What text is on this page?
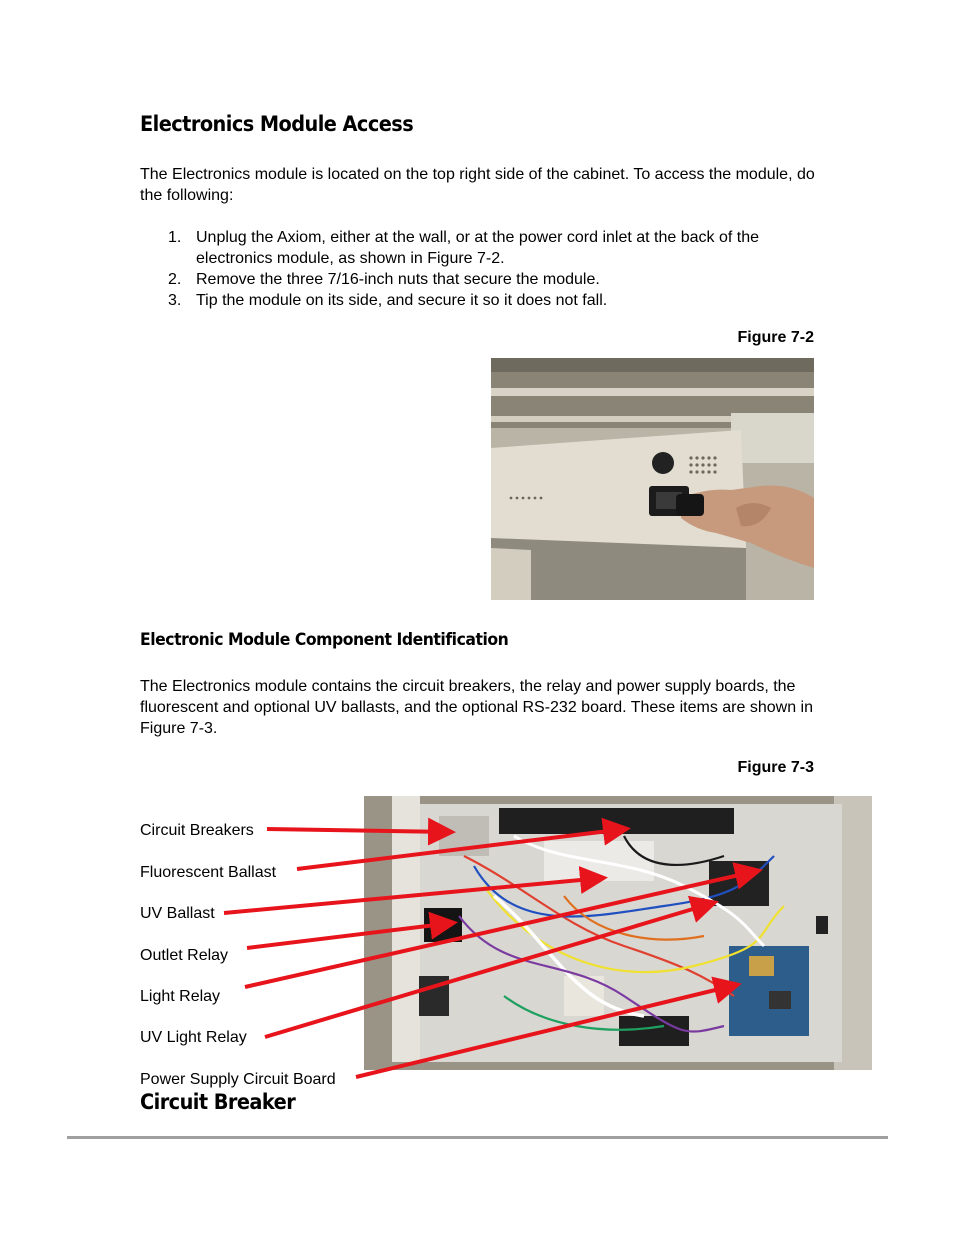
Electronics Module Access
The Electronics module is located on the top right side of the cabinet. To access the module, do the following:
1. Unplug the Axiom, either at the wall, or at the power cord inlet at the back of the electronics module, as shown in Figure 7-2.
2. Remove the three 7/16-inch nuts that secure the module.
3. Tip the module on its side, and secure it so it does not fall.
Figure 7-2
Electronic Module Component Identification
The Electronics module contains the circuit breakers, the relay and power supply boards, the fluorescent and optional UV ballasts, and the optional RS-232 board. These items are shown in Figure 7-3.
Figure 7-3
Circuit Breakers
Fluorescent Ballast
UV Ballast
Outlet Relay
Light Relay
UV Light Relay
Power Supply Circuit Board
Circuit Breaker
